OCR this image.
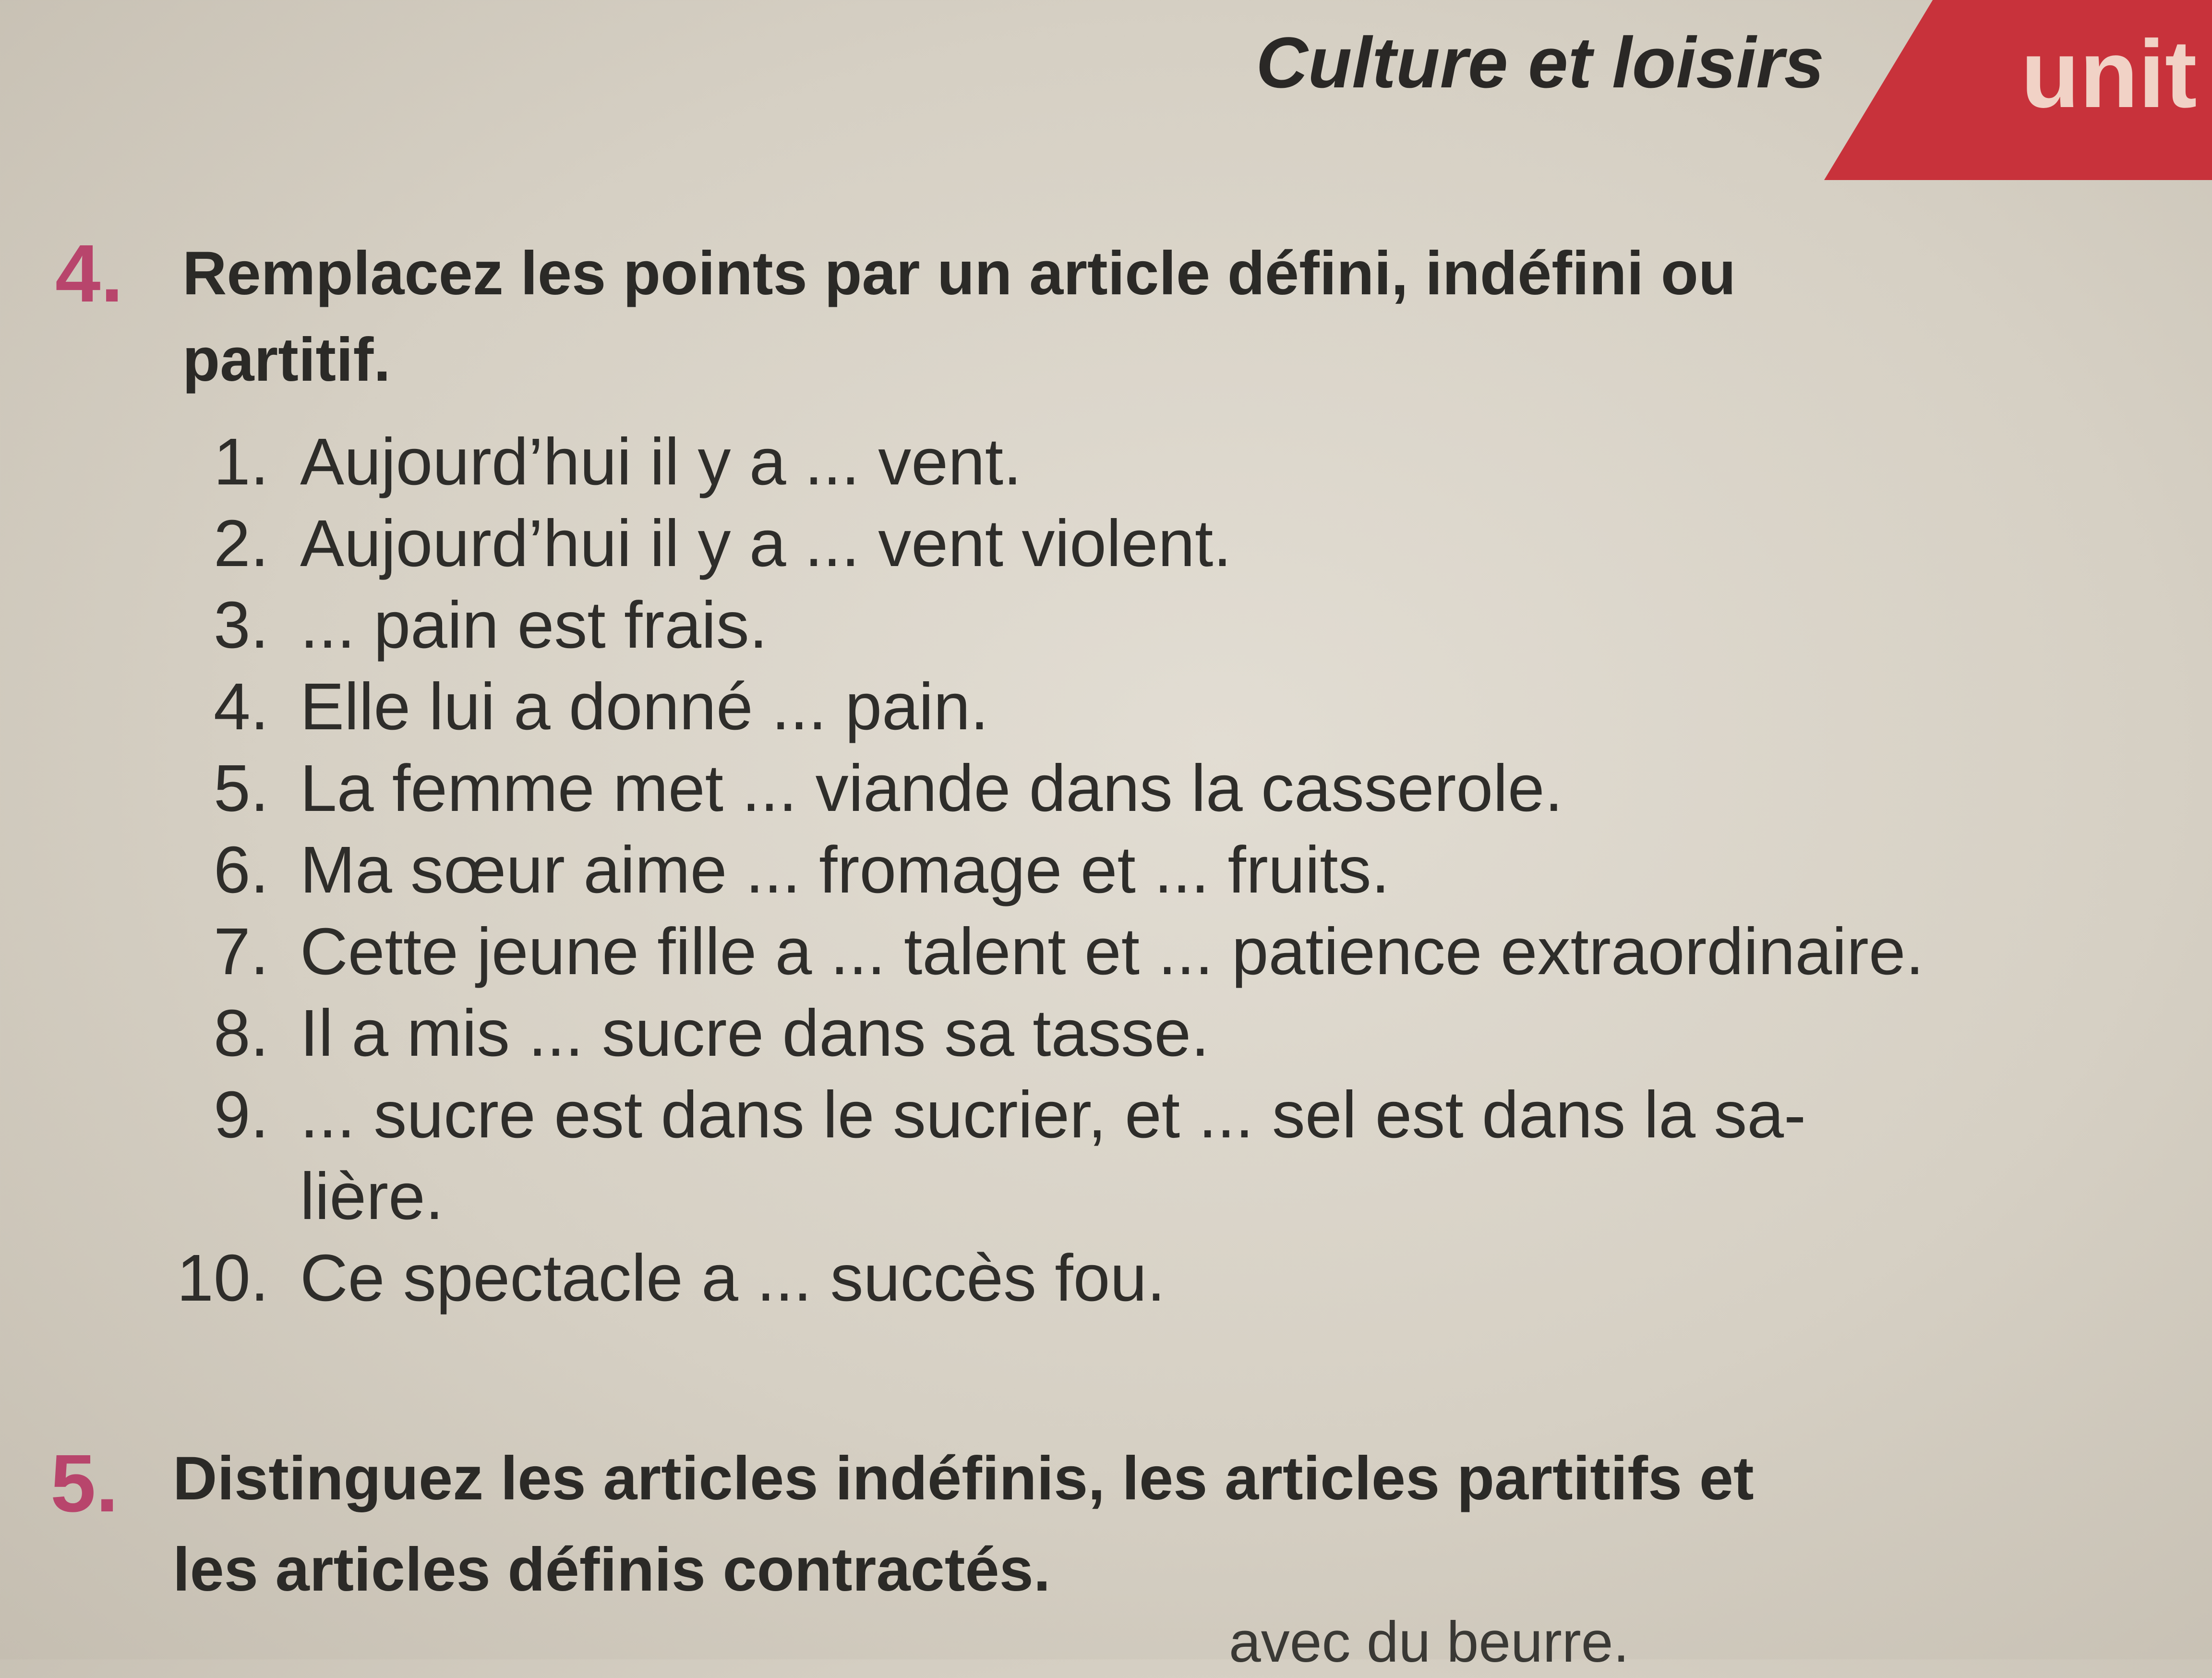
unit
Culture et loisirs
4. Remplacez les points par un article défini, indéfini ou
partitif.
1. Aujourd’hui il y a ... vent.
2. Aujourd’hui il y a ... vent violent.
3. ... pain est frais.
4. Elle lui a donné ... pain.
5. La femme met ... viande dans la casserole.
6. Ma sœur aime ... fromage et ... fruits.
7. Cette jeune fille a ... talent et ... patience extraordinaire.
8. Il a mis ... sucre dans sa tasse.
9. ... sucre est dans le sucrier, et ... sel est dans la sa-
lière.
10. Ce spectacle a ... succès fou.
5. Distinguez les articles indéfinis, les articles partitifs et
les articles définis contractés.
avec du beurre.
